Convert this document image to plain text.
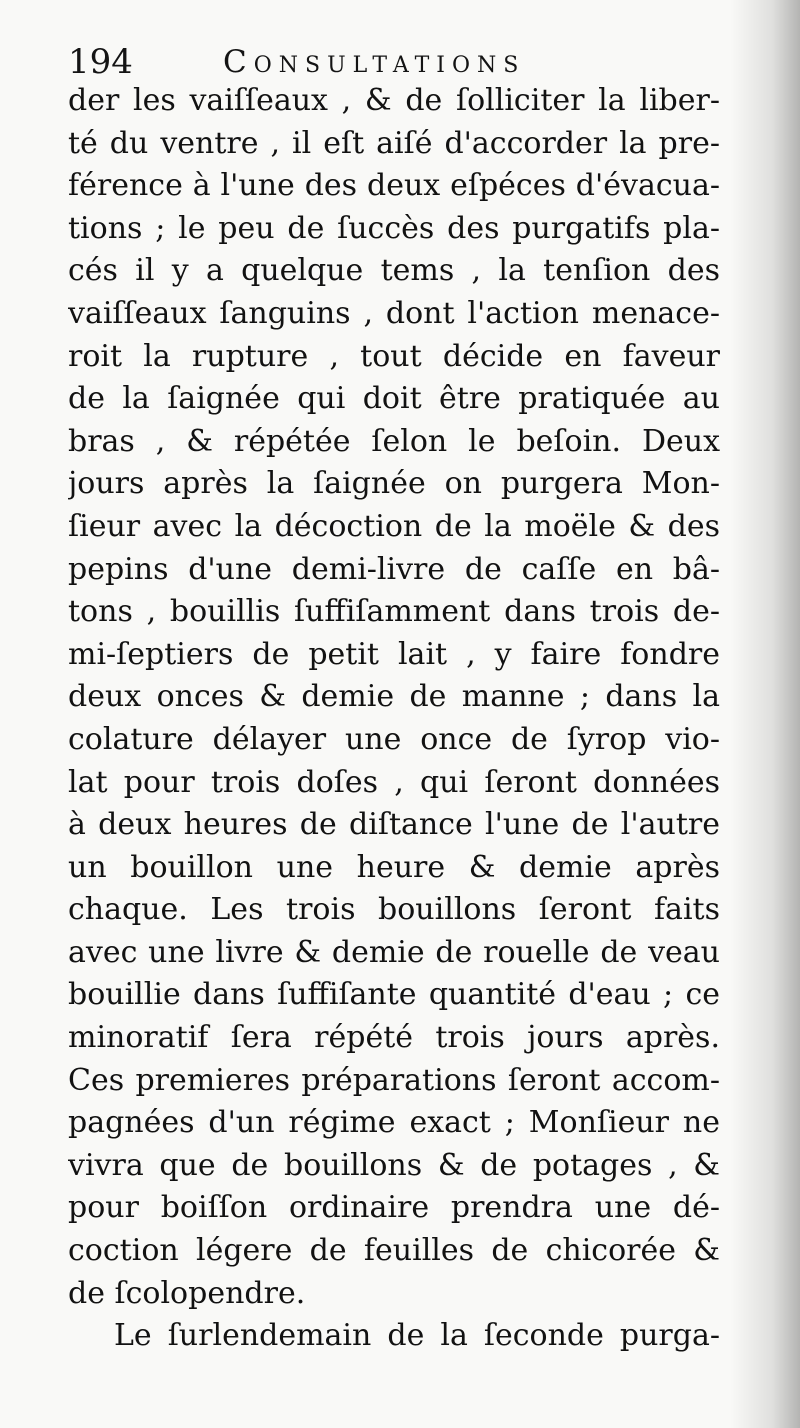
194	Consultations
der les vaiſſeaux , & de ſolliciter la liber-
té du ventre , il eſt aiſé d'accorder la pre-
férence à l'une des deux eſpéces d'évacua-
tions ; le peu de ſuccès des purgatifs pla-
cés il y a quelque tems , la tenſion des
vaiſſeaux ſanguins , dont l'action menace-
roit la rupture , tout décide en faveur
de la ſaignée qui doit être pratiquée au
bras , & répétée ſelon le beſoin. Deux
jours après la ſaignée on purgera Mon-
ſieur avec la décoction de la moële & des
pepins d'une demi-livre de caſſe en bâ-
tons , bouillis ſuffiſamment dans trois de-
mi-ſeptiers de petit lait , y faire fondre
deux onces & demie de manne ; dans la
colature délayer une once de ſyrop vio-
lat pour trois doſes , qui ſeront données
à deux heures de diſtance l'une de l'autre
un bouillon une heure & demie après
chaque. Les trois bouillons ſeront faits
avec une livre & demie de rouelle de veau
bouillie dans ſuffiſante quantité d'eau ; ce
minoratif ſera répété trois jours après.
Ces premieres préparations ſeront accom-
pagnées d'un régime exact ; Monſieur ne
vivra que de bouillons & de potages , &
pour boiſſon ordinaire prendra une dé-
coction légere de feuilles de chicorée &
de ſcolopendre.
Le ſurlendemain de la ſeconde purga-
